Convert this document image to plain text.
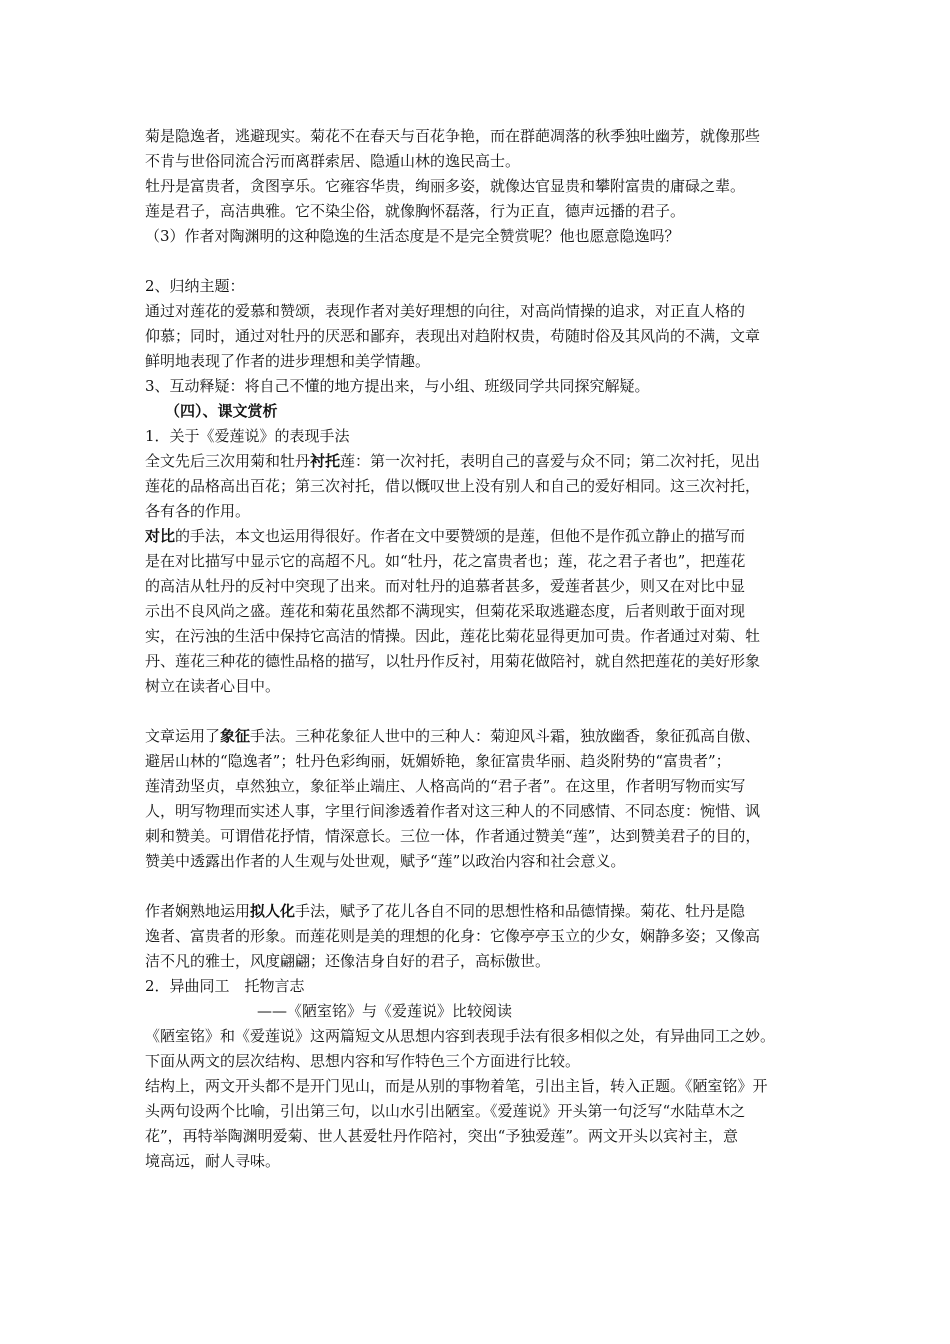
菊是隐逸者，逃避现实。菊花不在春天与百花争艳，而在群葩凋落的秋季独吐幽芳，就像那些
不肯与世俗同流合污而离群索居、隐遁山林的逸民高士。
牡丹是富贵者，贪图享乐。它雍容华贵，绚丽多姿，就像达官显贵和攀附富贵的庸碌之辈。
莲是君子，高洁典雅。它不染尘俗，就像胸怀磊落，行为正直，德声远播的君子。
（3）作者对陶渊明的这种隐逸的生活态度是不是完全赞赏呢？他也愿意隐逸吗？
2、归纳主题：
通过对莲花的爱慕和赞颂，表现作者对美好理想的向往，对高尚情操的追求，对正直人格的
仰慕；同时，通过对牡丹的厌恶和鄙弃，表现出对趋附权贵，苟随时俗及其风尚的不满，文章
鲜明地表现了作者的进步理想和美学情趣。
3、互动释疑：将自己不懂的地方提出来，与小组、班级同学共同探究解疑。
（四）、课文赏析
1．关于《爱莲说》的表现手法
全文先后三次用菊和牡丹衬托莲：第一次衬托，表明自己的喜爱与众不同；第二次衬托，见出
莲花的品格高出百花；第三次衬托，借以慨叹世上没有别人和自己的爱好相同。这三次衬托，
各有各的作用。
对比的手法，本文也运用得很好。作者在文中要赞颂的是莲，但他不是作孤立静止的描写而
是在对比描写中显示它的高超不凡。如“牡丹，花之富贵者也；莲，花之君子者也”，把莲花
的高洁从牡丹的反衬中突现了出来。而对牡丹的追慕者甚多，爱莲者甚少，则又在对比中显
示出不良风尚之盛。莲花和菊花虽然都不满现实，但菊花采取逃避态度，后者则敢于面对现
实，在污浊的生活中保持它高洁的情操。因此，莲花比菊花显得更加可贵。作者通过对菊、牡
丹、莲花三种花的德性品格的描写，以牡丹作反衬，用菊花做陪衬，就自然把莲花的美好形象
树立在读者心目中。
文章运用了象征手法。三种花象征人世中的三种人：菊迎风斗霜，独放幽香，象征孤高自傲、
避居山林的“隐逸者”；牡丹色彩绚丽，妩媚娇艳，象征富贵华丽、趋炎附势的“富贵者”；
莲清劲坚贞，卓然独立，象征举止端庄、人格高尚的“君子者”。在这里，作者明写物而实写
人，明写物理而实述人事，字里行间渗透着作者对这三种人的不同感情、不同态度：惋惜、讽
刺和赞美。可谓借花抒情，情深意长。三位一体，作者通过赞美“莲”，达到赞美君子的目的，
赞美中透露出作者的人生观与处世观，赋予“莲”以政治内容和社会意义。
作者娴熟地运用拟人化手法，赋予了花儿各自不同的思想性格和品德情操。菊花、牡丹是隐
逸者、富贵者的形象。而莲花则是美的理想的化身：它像亭亭玉立的少女，娴静多姿；又像高
洁不凡的雅士，风度翩翩；还像洁身自好的君子，高标傲世。
2．异曲同工　托物言志
——《陋室铭》与《爱莲说》比较阅读
《陋室铭》和《爱莲说》这两篇短文从思想内容到表现手法有很多相似之处，有异曲同工之妙。
下面从两文的层次结构、思想内容和写作特色三个方面进行比较。
结构上，两文开头都不是开门见山，而是从别的事物着笔，引出主旨，转入正题。《陋室铭》开
头两句设两个比喻，引出第三句，以山水引出陋室。《爱莲说》开头第一句泛写“水陆草木之
花”，再特举陶渊明爱菊、世人甚爱牡丹作陪衬，突出“予独爱莲”。两文开头以宾衬主，意
境高远，耐人寻味。
